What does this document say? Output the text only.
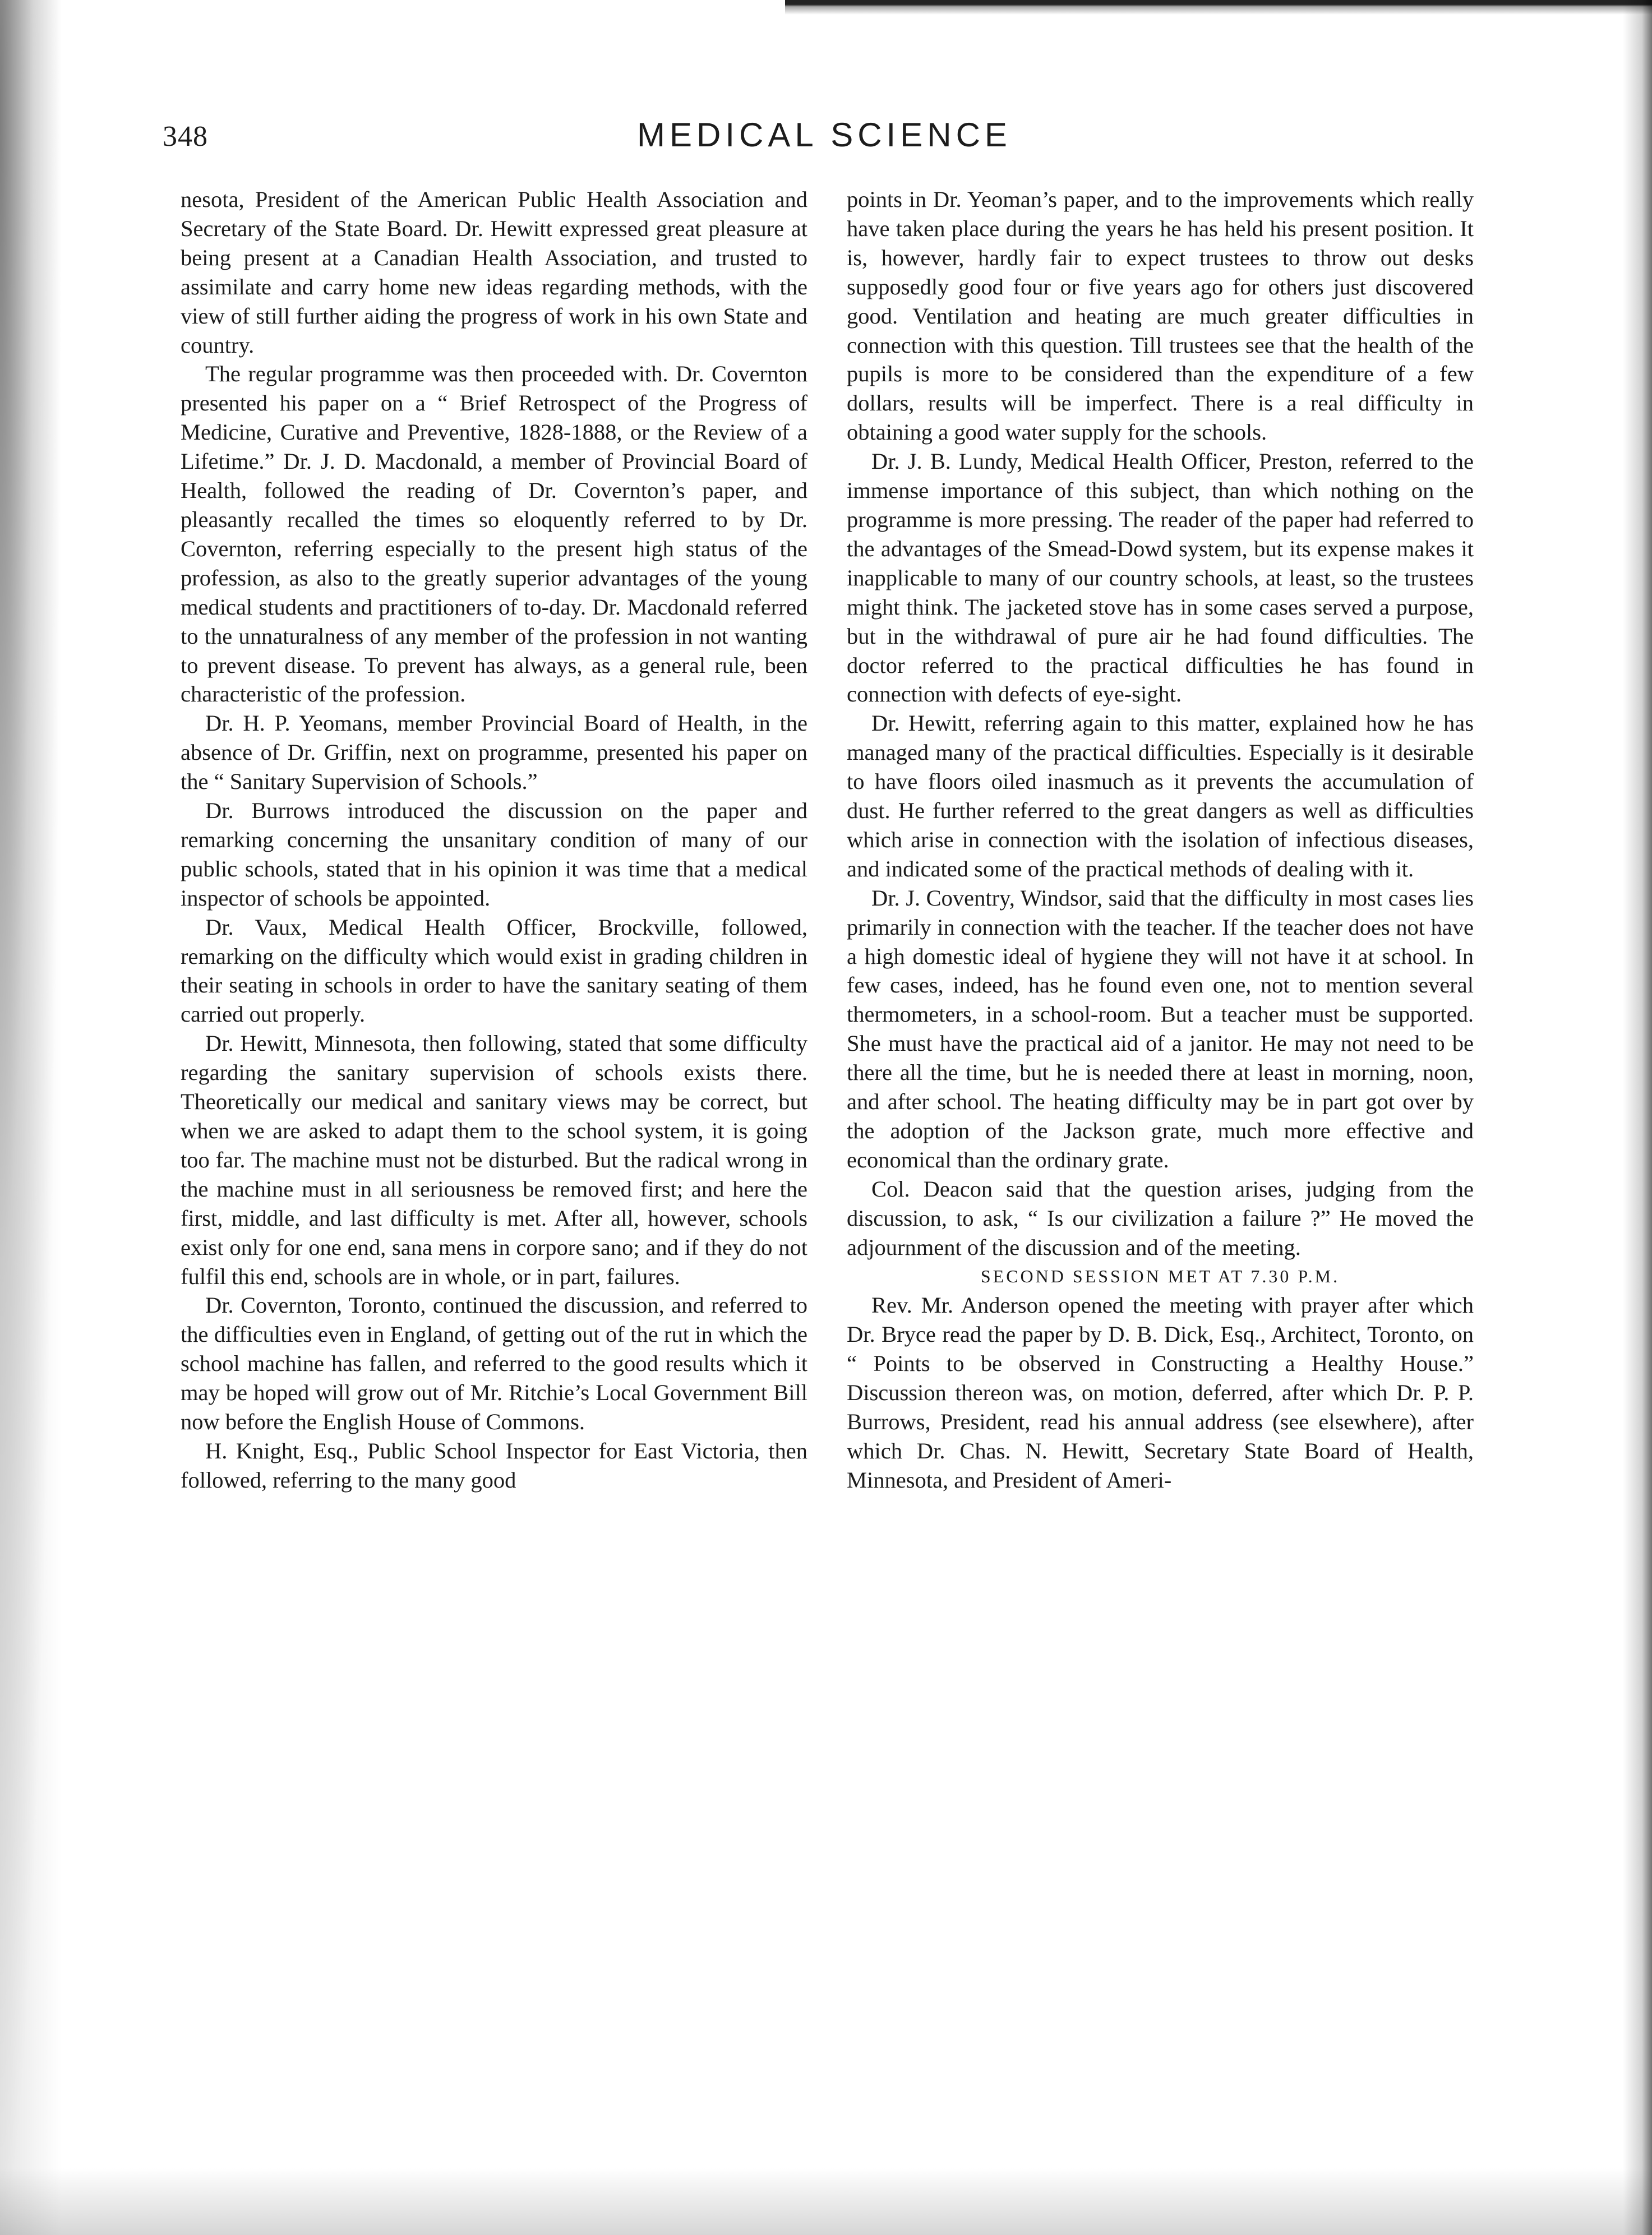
348	MEDICAL SCIENCE

nesota, President of the American Public Health Association and Secretary of the State Board. Dr. Hewitt expressed great pleasure at being present at a Canadian Health Association, and trusted to assimilate and carry home new ideas regarding methods, with the view of still further aiding the progress of work in his own State and country.

The regular programme was then proceeded with. Dr. Covernton presented his paper on a “ Brief Retrospect of the Progress of Medicine, Curative and Preventive, 1828-1888, or the Review of a Lifetime.” Dr. J. D. Macdonald, a member of Provincial Board of Health, followed the reading of Dr. Covernton’s paper, and pleasantly recalled the times so eloquently referred to by Dr. Covernton, referring especially to the present high status of the profession, as also to the greatly superior advantages of the young medical students and practitioners of to-day. Dr. Macdonald referred to the unnaturalness of any member of the profession in not wanting to prevent disease. To prevent has always, as a general rule, been characteristic of the profession.

Dr. H. P. Yeomans, member Provincial Board of Health, in the absence of Dr. Griffin, next on programme, presented his paper on the “ Sanitary Supervision of Schools.”

Dr. Burrows introduced the discussion on the paper and remarking concerning the unsanitary condition of many of our public schools, stated that in his opinion it was time that a medical inspector of schools be appointed.

Dr. Vaux, Medical Health Officer, Brockville, followed, remarking on the difficulty which would exist in grading children in their seating in schools in order to have the sanitary seating of them carried out properly.

Dr. Hewitt, Minnesota, then following, stated that some difficulty regarding the sanitary supervision of schools exists there. Theoretically our medical and sanitary views may be correct, but when we are asked to adapt them to the school system, it is going too far. The machine must not be disturbed. But the radical wrong in the machine must in all seriousness be removed first; and here the first, middle, and last difficulty is met. After all, however, schools exist only for one end, sana mens in corpore sano; and if they do not fulfil this end, schools are in whole, or in part, failures.

Dr. Covernton, Toronto, continued the discussion, and referred to the difficulties even in England, of getting out of the rut in which the school machine has fallen, and referred to the good results which it may be hoped will grow out of Mr. Ritchie’s Local Government Bill now before the English House of Commons.

H. Knight, Esq., Public School Inspector for East Victoria, then followed, referring to the many good

points in Dr. Yeoman’s paper, and to the improvements which really have taken place during the years he has held his present position. It is, however, hardly fair to expect trustees to throw out desks supposedly good four or five years ago for others just discovered good. Ventilation and heating are much greater difficulties in connection with this question. Till trustees see that the health of the pupils is more to be considered than the expenditure of a few dollars, results will be imperfect. There is a real difficulty in obtaining a good water supply for the schools.

Dr. J. B. Lundy, Medical Health Officer, Preston, referred to the immense importance of this subject, than which nothing on the programme is more pressing. The reader of the paper had referred to the advantages of the Smead-Dowd system, but its expense makes it inapplicable to many of our country schools, at least, so the trustees might think. The jacketed stove has in some cases served a purpose, but in the withdrawal of pure air he had found difficulties. The doctor referred to the practical difficulties he has found in connection with defects of eye-sight.

Dr. Hewitt, referring again to this matter, explained how he has managed many of the practical difficulties. Especially is it desirable to have floors oiled inasmuch as it prevents the accumulation of dust. He further referred to the great dangers as well as difficulties which arise in connection with the isolation of infectious diseases, and indicated some of the practical methods of dealing with it.

Dr. J. Coventry, Windsor, said that the difficulty in most cases lies primarily in connection with the teacher. If the teacher does not have a high domestic ideal of hygiene they will not have it at school. In few cases, indeed, has he found even one, not to mention several thermometers, in a school-room. But a teacher must be supported. She must have the practical aid of a janitor. He may not need to be there all the time, but he is needed there at least in morning, noon, and after school. The heating difficulty may be in part got over by the adoption of the Jackson grate, much more effective and economical than the ordinary grate.

Col. Deacon said that the question arises, judging from the discussion, to ask, “ Is our civilization a failure ?” He moved the adjournment of the discussion and of the meeting.

SECOND SESSION MET AT 7.30 P.M.

Rev. Mr. Anderson opened the meeting with prayer after which Dr. Bryce read the paper by D. B. Dick, Esq., Architect, Toronto, on “ Points to be observed in Constructing a Healthy House.” Discussion thereon was, on motion, deferred, after which Dr. P. P. Burrows, President, read his annual address (see elsewhere), after which Dr. Chas. N. Hewitt, Secretary State Board of Health, Minnesota, and President of Ameri-
